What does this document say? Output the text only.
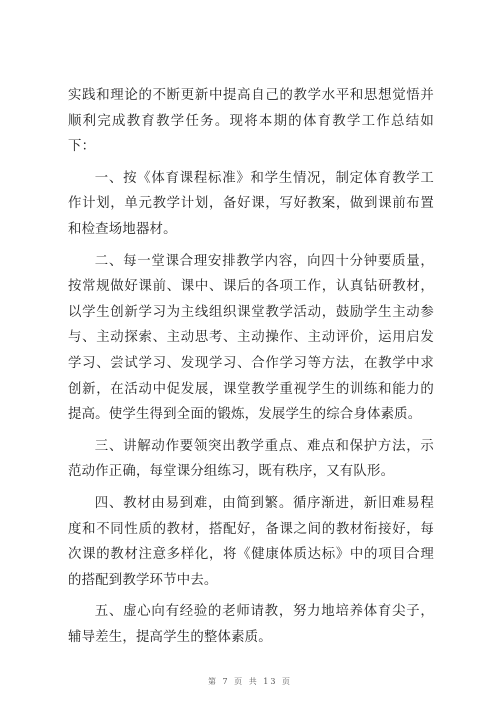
实践和理论的不断更新中提高自己的教学水平和思想觉悟并顺利完成教育教学任务。现将本期的体育教学工作总结如下：

一、按《体育课程标准》和学生情况，制定体育教学工作计划，单元教学计划，备好课，写好教案，做到课前布置和检查场地器材。

二、每一堂课合理安排教学内容，向四十分钟要质量，按常规做好课前、课中、课后的各项工作，认真钻研教材，以学生创新学习为主线组织课堂教学活动，鼓励学生主动参与、主动探索、主动思考、主动操作、主动评价，运用启发学习、尝试学习、发现学习、合作学习等方法，在教学中求创新，在活动中促发展，课堂教学重视学生的训练和能力的提高。使学生得到全面的锻炼，发展学生的综合身体素质。

三、讲解动作要领突出教学重点、难点和保护方法，示范动作正确，每堂课分组练习，既有秩序，又有队形。

四、教材由易到难，由简到繁。循序渐进，新旧难易程度和不同性质的教材，搭配好，备课之间的教材衔接好，每次课的教材注意多样化，将《健康体质达标》中的项目合理的搭配到教学环节中去。

五、虚心向有经验的老师请教，努力地培养体育尖子，辅导差生，提高学生的整体素质。

第 7 页 共 13 页
